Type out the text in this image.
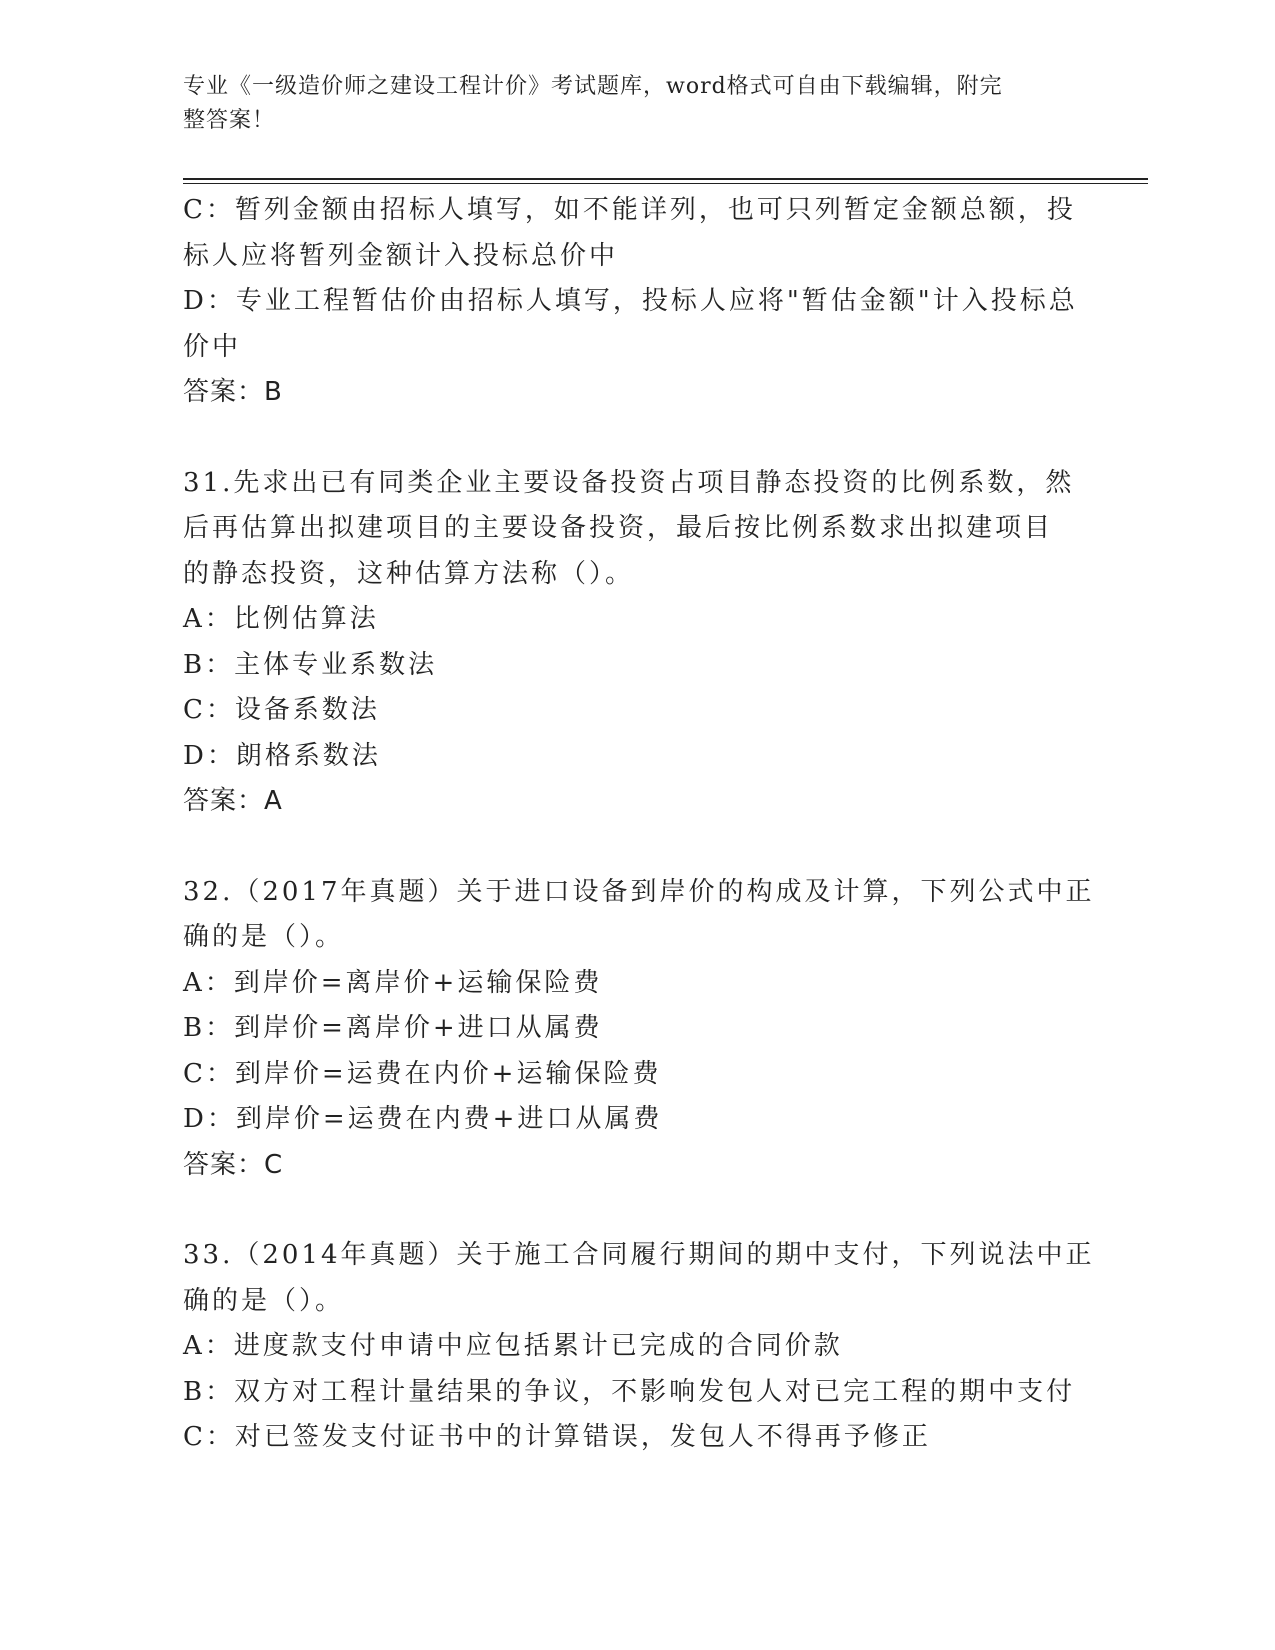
专业《一级造价师之建设工程计价》考试题库，word格式可自由下载编辑，附完
整答案！
C：暂列金额由招标人填写，如不能详列，也可只列暂定金额总额，投
标人应将暂列金额计入投标总价中
D：专业工程暂估价由招标人填写，投标人应将"暂估金额"计入投标总
价中
答案：B
31.先求出已有同类企业主要设备投资占项目静态投资的比例系数，然
后再估算出拟建项目的主要设备投资，最后按比例系数求出拟建项目
的静态投资，这种估算方法称（）。
A：比例估算法
B：主体专业系数法
C：设备系数法
D：朗格系数法
答案：A
32.（2017年真题）关于进口设备到岸价的构成及计算，下列公式中正
确的是（）。
A：到岸价=离岸价+运输保险费
B：到岸价=离岸价+进口从属费
C：到岸价=运费在内价+运输保险费
D：到岸价=运费在内费+进口从属费
答案：C
33.（2014年真题）关于施工合同履行期间的期中支付，下列说法中正
确的是（）。
A：进度款支付申请中应包括累计已完成的合同价款
B：双方对工程计量结果的争议，不影响发包人对已完工程的期中支付
C：对已签发支付证书中的计算错误，发包人不得再予修正
